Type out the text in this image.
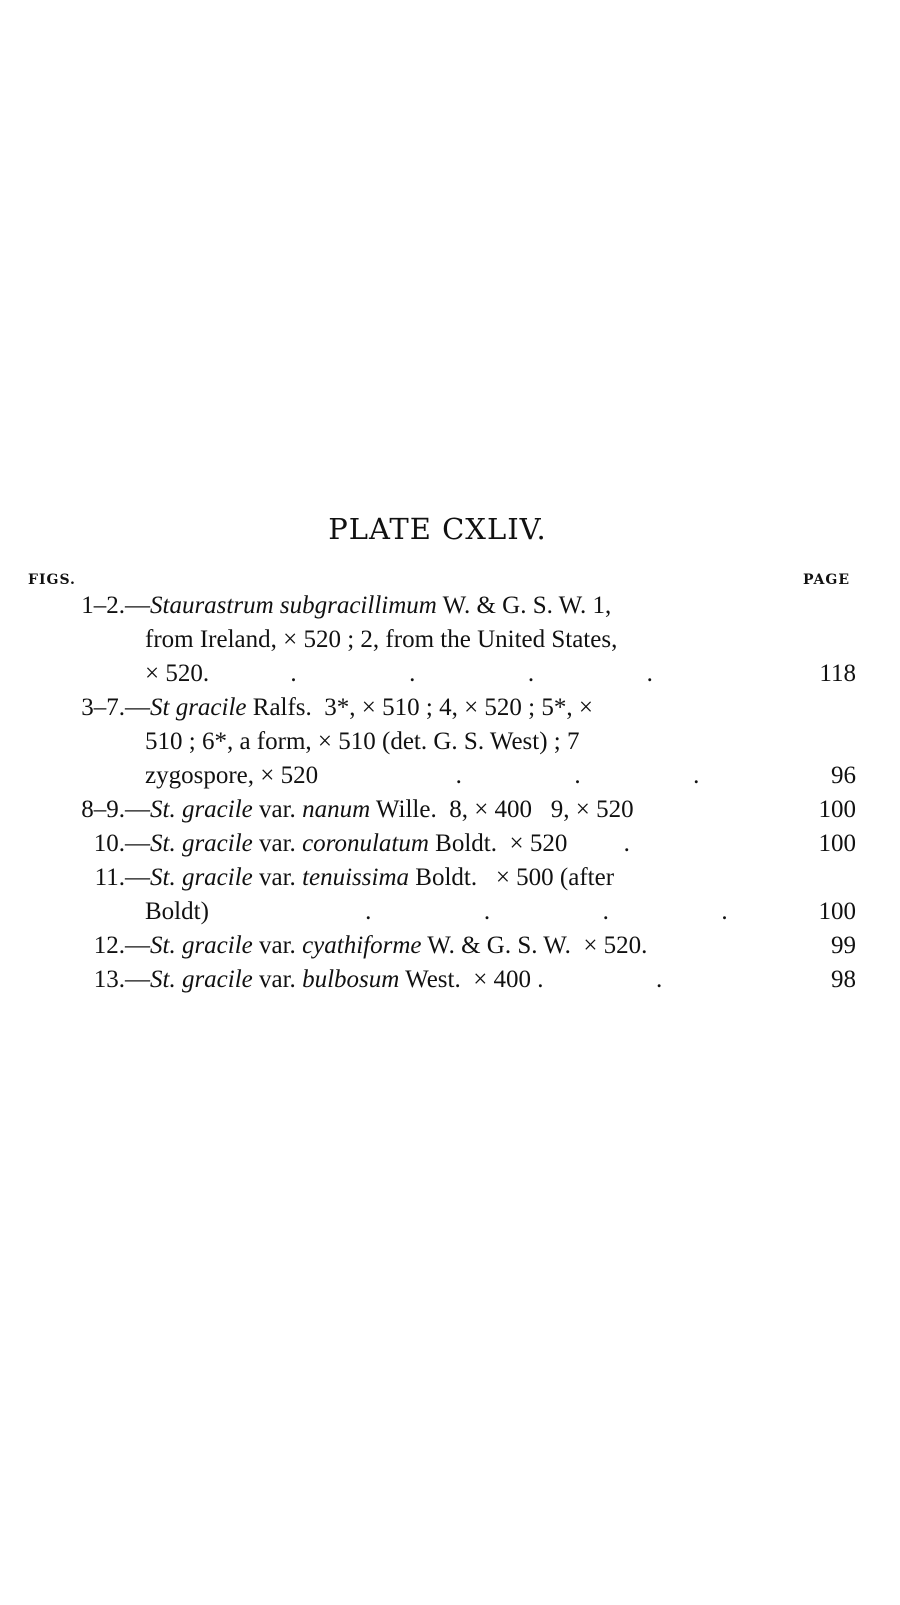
PLATE CXLIV.
FIGS.	PAGE
1–2. —Staurastrum subgracillimum W. & G. S. W. 1,
from Ireland, × 520 ; 2, from the United States,
× 520.             .                  .                  .                  .	118
3–7. —St gracile Ralfs.  3*, × 510 ; 4, × 520 ; 5*, ×
510 ; 6*, a form, × 510 (det. G. S. West) ; 7
zygospore, × 520                      .                  .                  .	96
8–9. —St. gracile var. nanum Wille.  8, × 400   9, × 520	100
10. —St. gracile var. coronulatum Boldt.  × 520         .	100
11. —St. gracile var. tenuissima Boldt.   × 500 (after
Boldt)                         .                  .                  .                  .	100
12. —St. gracile var. cyathiforme W. & G. S. W.  × 520.	99
13. —St. gracile var. bulbosum West.  × 400 .                  .	98
